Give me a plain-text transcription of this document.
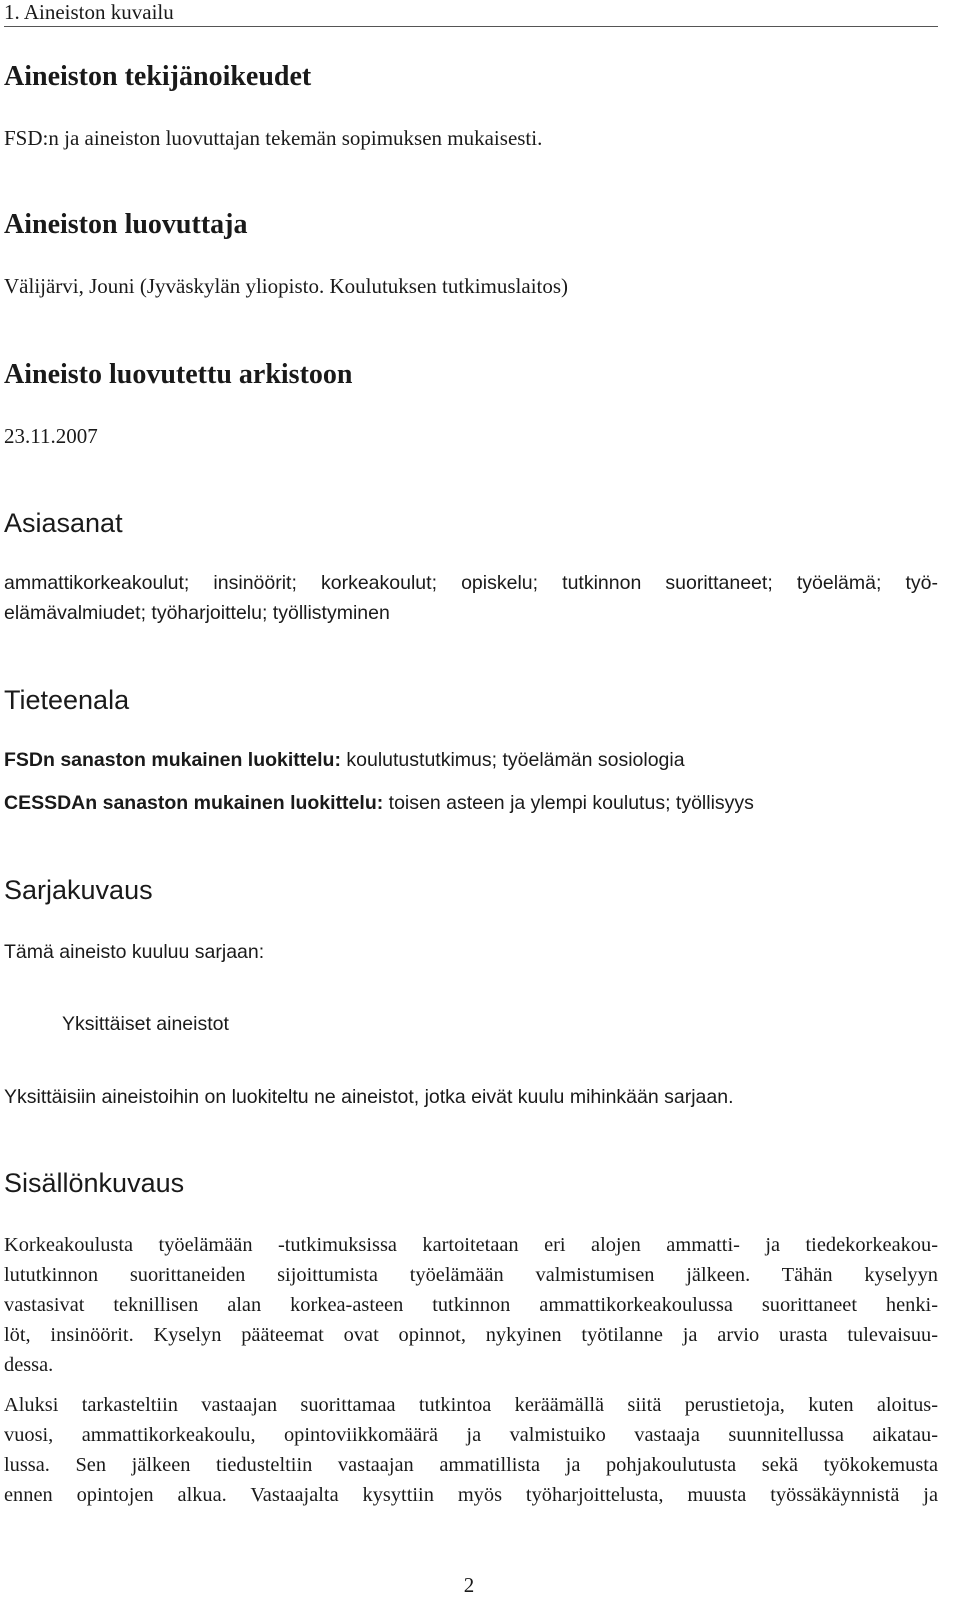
1. Aineiston kuvailu
Aineiston tekijänoikeudet

FSD:n ja aineiston luovuttajan tekemän sopimuksen mukaisesti.

Aineiston luovuttaja

Välijärvi, Jouni (Jyväskylän yliopisto. Koulutuksen tutkimuslaitos)

Aineisto luovutettu arkistoon

23.11.2007

Asiasanat
ammattikorkeakoulut; insinöörit; korkeakoulut; opiskelu; tutkinnon suorittaneet; työelämä; työ-
elämävalmiudet; työharjoittelu; työllistyminen
Tieteenala

FSDn sanaston mukainen luokittelu: koulutustutkimus; työelämän sosiologia

CESSDAn sanaston mukainen luokittelu: toisen asteen ja ylempi koulutus; työllisyys

Sarjakuvaus

Tämä aineisto kuuluu sarjaan:

Yksittäiset aineistot

Yksittäisiin aineistoihin on luokiteltu ne aineistot, jotka eivät kuulu mihinkään sarjaan.

Sisällönkuvaus
Korkeakoulusta työelämään -tutkimuksissa kartoitetaan eri alojen ammatti- ja tiedekorkeakou-
lututkinnon suorittaneiden sijoittumista työelämään valmistumisen jälkeen. Tähän kyselyyn
vastasivat teknillisen alan korkea-asteen tutkinnon ammattikorkeakoulussa suorittaneet henki-
löt, insinöörit. Kyselyn pääteemat ovat opinnot, nykyinen työtilanne ja arvio urasta tulevaisuu-
dessa.
Aluksi tarkasteltiin vastaajan suorittamaa tutkintoa keräämällä siitä perustietoja, kuten aloitus-
vuosi, ammattikorkeakoulu, opintoviikkomäärä ja valmistuiko vastaaja suunnitellussa aikatau-
lussa. Sen jälkeen tiedusteltiin vastaajan ammatillista ja pohjakoulutusta sekä työkokemusta
ennen opintojen alkua. Vastaajalta kysyttiin myös työharjoittelusta, muusta työssäkäynnistä ja
2
